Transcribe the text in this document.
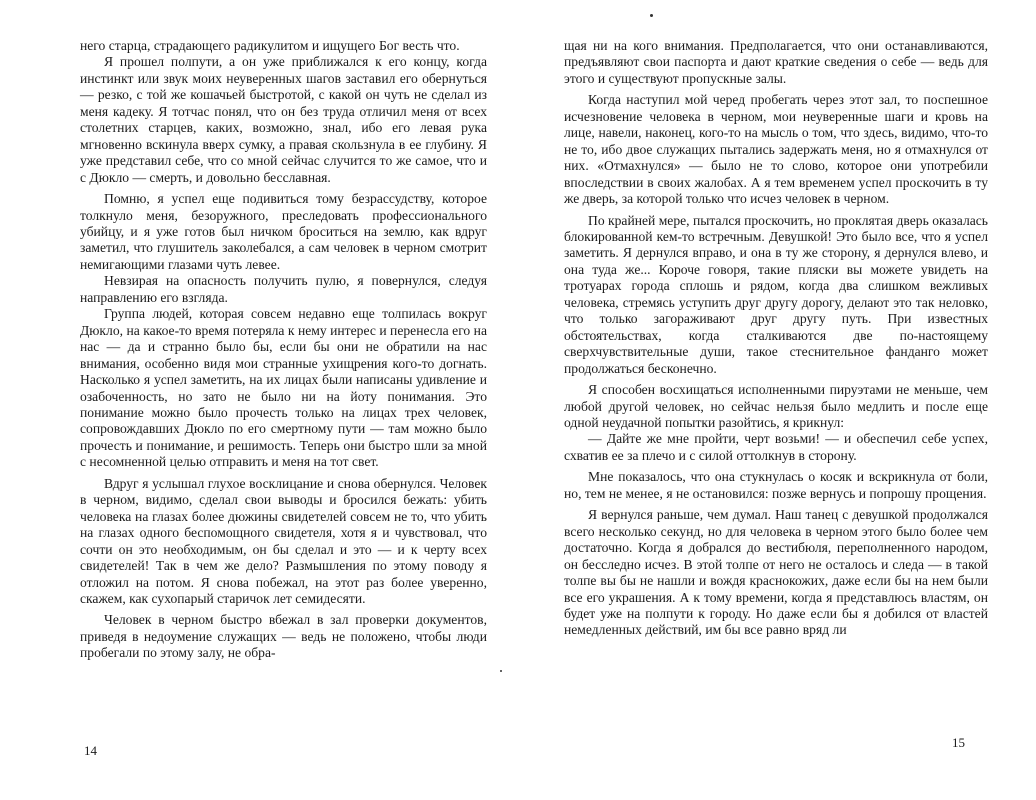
него старца, страдающего радикулитом и ищущего Бог весть что.

Я прошел полпути, а он уже приближался к его концу, когда инстинкт или звук моих неуверенных шагов заставил его обернуться — резко, с той же кошачьей быстротой, с какой он чуть не сделал из меня кадеку. Я тотчас понял, что он без труда отличил меня от всех столетних старцев, каких, возможно, знал, ибо его левая рука мгновенно вскинула вверх сумку, а правая скользнула в ее глубину. Я уже представил себе, что со мной сейчас случится то же самое, что и с Дюкло — смерть, и довольно бесславная.

Помню, я успел еще подивиться тому безрассудству, которое толкнуло меня, безоружного, преследовать профессионального убийцу, и я уже готов был ничком броситься на землю, как вдруг заметил, что глушитель заколебался, а сам человек в черном смотрит немигающими глазами чуть левее.

Невзирая на опасность получить пулю, я повернулся, следуя направлению его взгляда.

Группа людей, которая совсем недавно еще толпилась вокруг Дюкло, на какое-то время потеряла к нему интерес и перенесла его на нас — да и странно было бы, если бы они не обратили на нас внимания, особенно видя мои странные ухищрения кого-то догнать. Насколько я успел заметить, на их лицах были написаны удивление и озабоченность, но зато не было ни на йоту понимания. Это понимание можно было прочесть только на лицах трех человек, сопровождавших Дюкло по его смертному пути — там можно было прочесть и понимание, и решимость. Теперь они быстро шли за мной с несомненной целью отправить и меня на тот свет.

Вдруг я услышал глухое восклицание и снова обернулся. Человек в черном, видимо, сделал свои выводы и бросился бежать: убить человека на глазах более дюжины свидетелей совсем не то, что убить на глазах одного беспомощного свидетеля, хотя я и чувствовал, что сочти он это необходимым, он бы сделал и это — и к черту всех свидетелей! Так в чем же дело? Размышления по этому поводу я отложил на потом. Я снова побежал, на этот раз более уверенно, скажем, как сухопарый старичок лет семидесяти.

Человек в черном быстро вбежал в зал проверки документов, приведя в недоумение служащих — ведь не положено, чтобы люди пробегали по этому залу, не обра-

14

щая ни на кого внимания. Предполагается, что они останавливаются, предъявляют свои паспорта и дают краткие сведения о себе — ведь для этого и существуют пропускные залы.

Когда наступил мой черед пробегать через этот зал, то поспешное исчезновение человека в черном, мои неуверенные шаги и кровь на лице, навели, наконец, кого-то на мысль о том, что здесь, видимо, что-то не то, ибо двое служащих пытались задержать меня, но я отмахнулся от них. «Отмахнулся» — было не то слово, которое они употребили впоследствии в своих жалобах. А я тем временем успел проскочить в ту же дверь, за которой только что исчез человек в черном.

По крайней мере, пытался проскочить, но проклятая дверь оказалась блокированной кем-то встречным. Девушкой! Это было все, что я успел заметить. Я дернулся вправо, и она в ту же сторону, я дернулся влево, и она туда же... Короче говоря, такие пляски вы можете увидеть на тротуарах города сплошь и рядом, когда два слишком вежливых человека, стремясь уступить друг другу дорогу, делают это так неловко, что только загораживают друг другу путь. При известных обстоятельствах, когда сталкиваются две по-настоящему сверхчувствительные души, такое стеснительное фанданго может продолжаться бесконечно.

Я способен восхищаться исполненными пируэтами не меньше, чем любой другой человек, но сейчас нельзя было медлить и после еще одной неудачной попытки разойтись, я крикнул:

— Дайте же мне пройти, черт возьми! — и обеспечил себе успех, схватив ее за плечо и с силой оттолкнув в сторону.

Мне показалось, что она стукнулась о косяк и вскрикнула от боли, но, тем не менее, я не остановился: позже вернусь и попрошу прощения.

Я вернулся раньше, чем думал. Наш танец с девушкой продолжался всего несколько секунд, но для человека в черном этого было более чем достаточно. Когда я добрался до вестибюля, переполненного народом, он бесследно исчез. В этой толпе от него не осталось и следа — в такой толпе вы бы не нашли и вождя краснокожих, даже если бы на нем были все его украшения. А к тому времени, когда я представлюсь властям, он будет уже на полпути к городу. Но даже если бы я добился от властей немедленных действий, им бы все равно вряд ли

15
